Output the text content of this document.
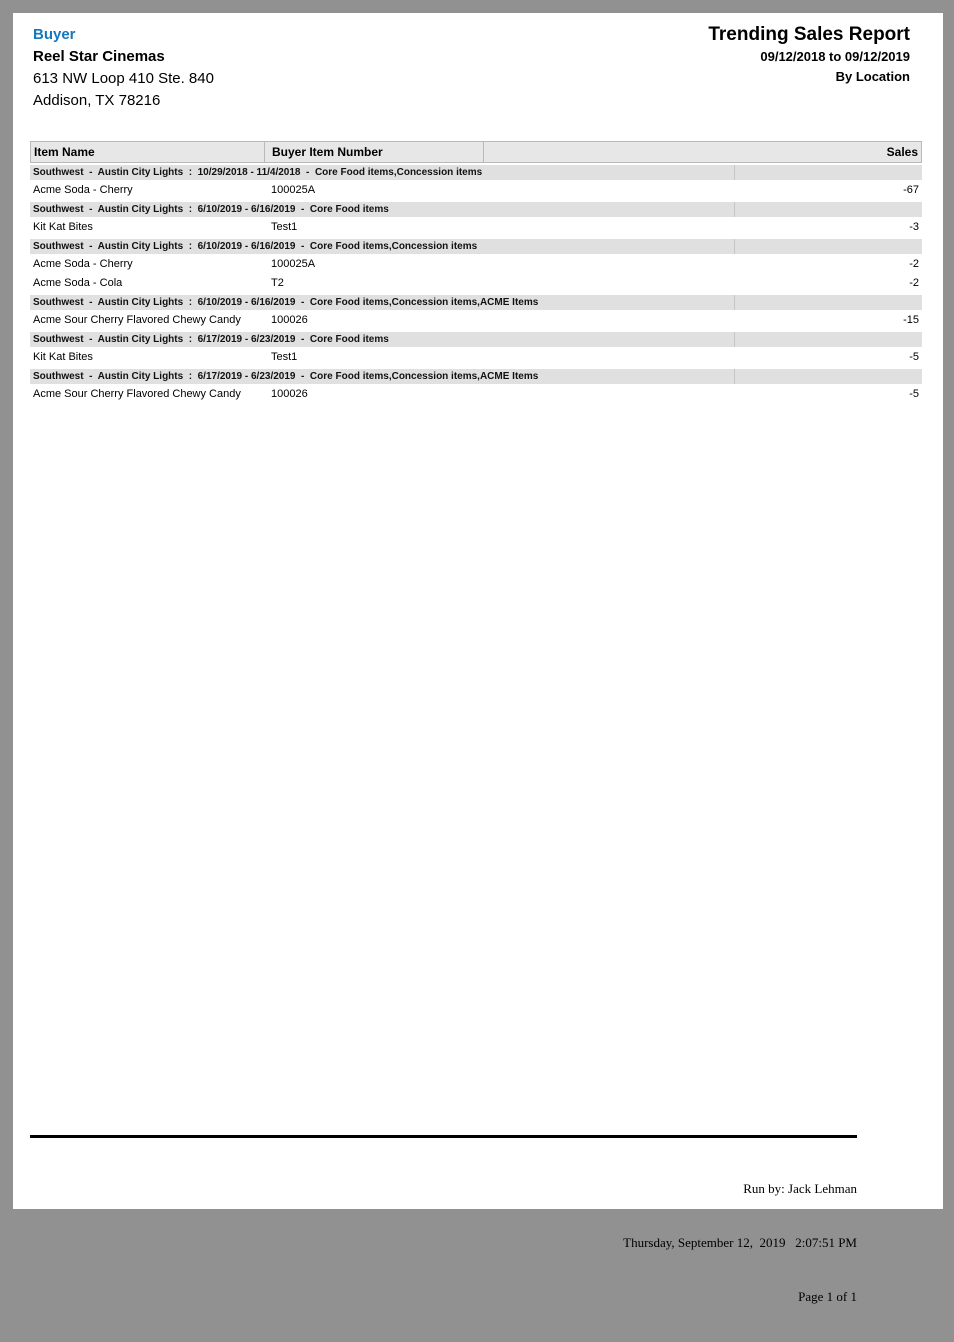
Buyer
Reel Star Cinemas
613 NW Loop 410 Ste. 840
Addison, TX 78216
Trending Sales Report
09/12/2018 to 09/12/2019
By Location
Item Name	Buyer Item Number	Sales
Southwest  -  Austin City Lights  :  10/29/2018 - 11/4/2018  -  Core Food items,Concession items
Acme Soda - Cherry	100025A	-67
Southwest  -  Austin City Lights  :  6/10/2019 - 6/16/2019  -  Core Food items
Kit Kat Bites	Test1	-3
Southwest  -  Austin City Lights  :  6/10/2019 - 6/16/2019  -  Core Food items,Concession items
Acme Soda - Cherry	100025A	-2
Acme Soda - Cola	T2	-2
Southwest  -  Austin City Lights  :  6/10/2019 - 6/16/2019  -  Core Food items,Concession items,ACME Items
Acme Sour Cherry Flavored Chewy Candy	100026	-15
Southwest  -  Austin City Lights  :  6/17/2019 - 6/23/2019  -  Core Food items
Kit Kat Bites	Test1	-5
Southwest  -  Austin City Lights  :  6/17/2019 - 6/23/2019  -  Core Food items,Concession items,ACME Items
Acme Sour Cherry Flavored Chewy Candy	100026	-5

Run by: Jack Lehman

Thursday, September 12,  2019   2:07:51 PM

Page 1 of 1
